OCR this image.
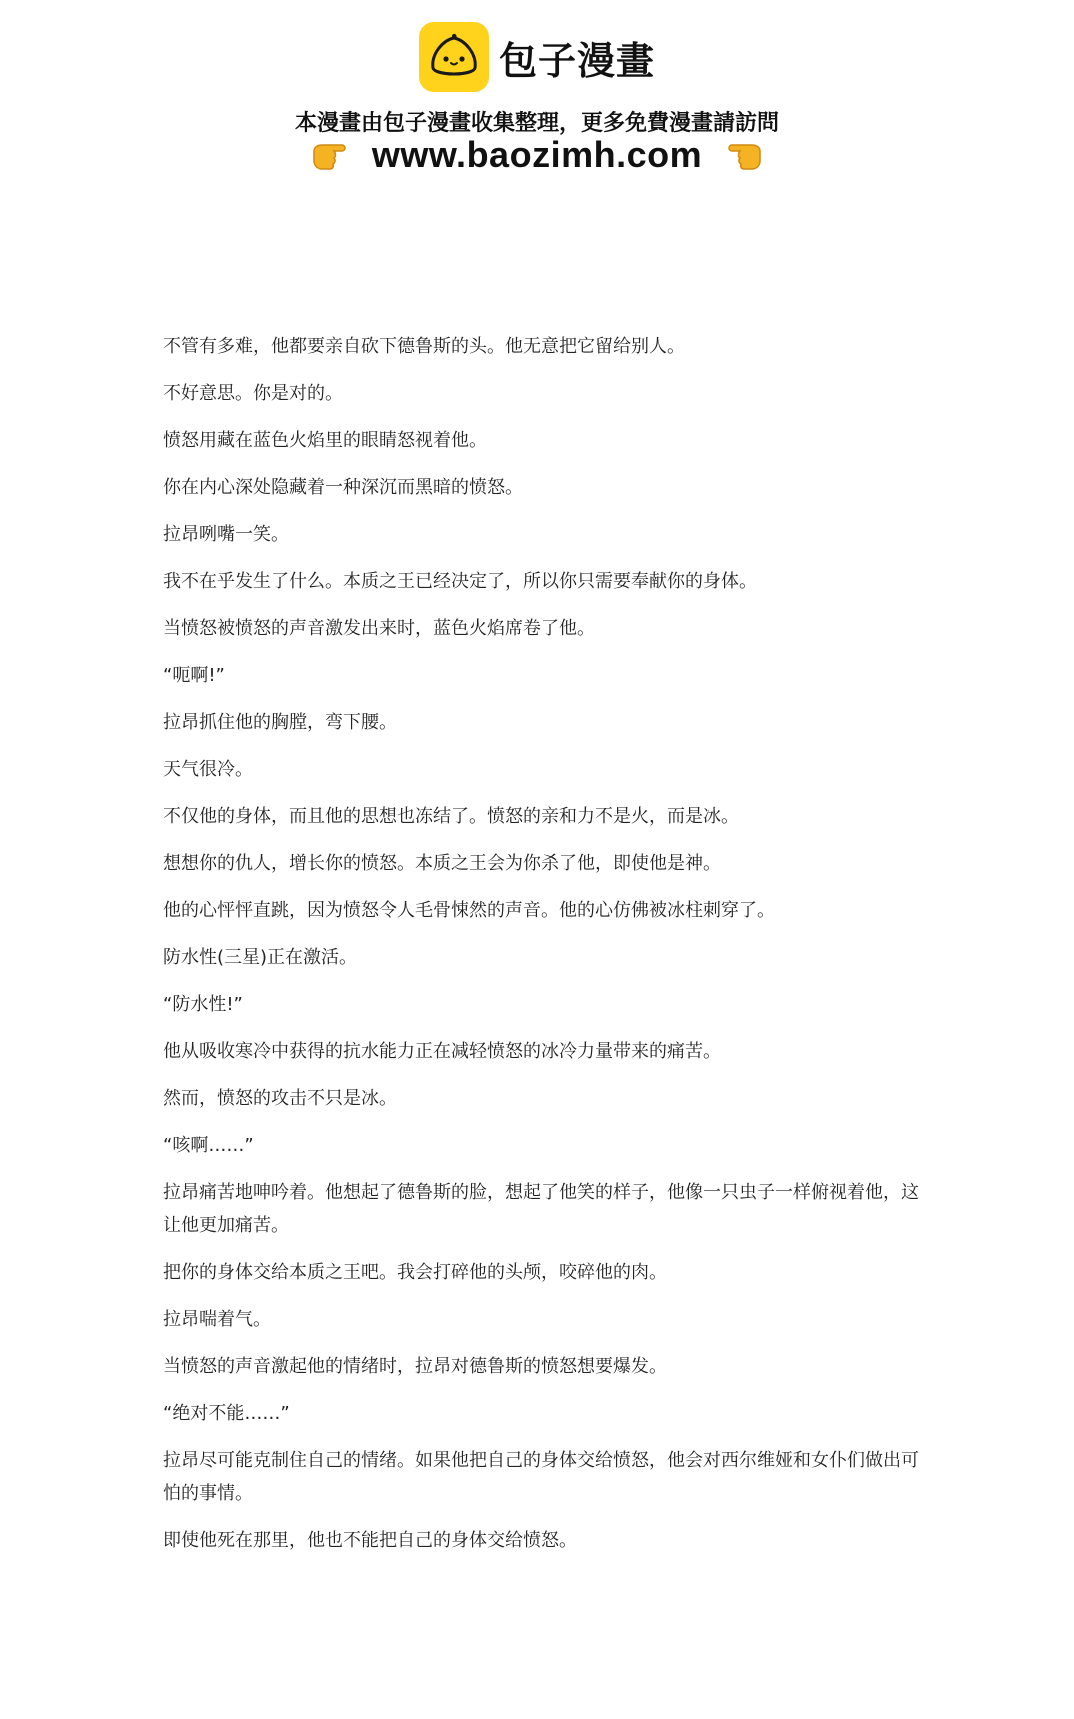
包子漫畫
本漫畫由包子漫畫收集整理，更多免費漫畫請訪問
www.baozimh.com

不管有多难，他都要亲自砍下德鲁斯的头。他无意把它留给别人。

不好意思。你是对的。

愤怒用藏在蓝色火焰里的眼睛怒视着他。

你在内心深处隐藏着一种深沉而黑暗的愤怒。

拉昂咧嘴一笑。

我不在乎发生了什么。本质之王已经决定了，所以你只需要奉献你的身体。

当愤怒被愤怒的声音激发出来时，蓝色火焰席卷了他。

“呃啊!”

拉昂抓住他的胸膛，弯下腰。

天气很冷。

不仅他的身体，而且他的思想也冻结了。愤怒的亲和力不是火，而是冰。

想想你的仇人，增长你的愤怒。本质之王会为你杀了他，即使他是神。

他的心怦怦直跳，因为愤怒令人毛骨悚然的声音。他的心仿佛被冰柱刺穿了。

防水性(三星)正在激活。

“防水性!”

他从吸收寒冷中获得的抗水能力正在减轻愤怒的冰冷力量带来的痛苦。

然而，愤怒的攻击不只是冰。

“咳啊……”

拉昂痛苦地呻吟着。他想起了德鲁斯的脸，想起了他笑的样子，他像一只虫子一样俯视着他，这让他更加痛苦。

把你的身体交给本质之王吧。我会打碎他的头颅，咬碎他的肉。

拉昂喘着气。

当愤怒的声音激起他的情绪时，拉昂对德鲁斯的愤怒想要爆发。

“绝对不能……”

拉昂尽可能克制住自己的情绪。如果他把自己的身体交给愤怒，他会对西尔维娅和女仆们做出可怕的事情。

即使他死在那里，他也不能把自己的身体交给愤怒。
